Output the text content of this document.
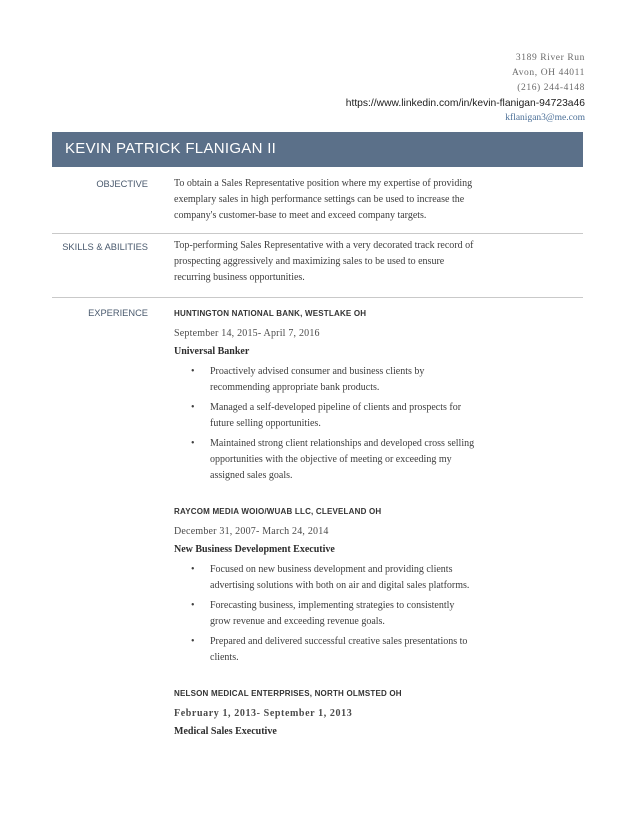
3189 River Run
Avon, OH 44011
(216) 244-4148
https://www.linkedin.com/in/kevin-flanigan-94723a46
kflanigan3@me.com
KEVIN PATRICK FLANIGAN II
OBJECTIVE	To obtain a Sales Representative position where my expertise of providing
exemplary sales in high performance settings can be used to increase the
company's customer-base to meet and exceed company targets.
SKILLS & ABILITIES	Top-performing Sales Representative with a very decorated track record of
prospecting aggressively and maximizing sales to be used to ensure
recurring business opportunities.
EXPERIENCE	HUNTINGTON NATIONAL BANK, WESTLAKE OH
September 14, 2015- April 7, 2016
Universal Banker
• Proactively advised consumer and business clients by
recommending appropriate bank products.
• Managed a self-developed pipeline of clients and prospects for
future selling opportunities.
• Maintained strong client relationships and developed cross selling
opportunities with the objective of meeting or exceeding my
assigned sales goals.
RAYCOM MEDIA WOIO/WUAB LLC, CLEVELAND OH
December 31, 2007- March 24, 2014
New Business Development Executive
• Focused on new business development and providing clients
advertising solutions with both on air and digital sales platforms.
• Forecasting business, implementing strategies to consistently
grow revenue and exceeding revenue goals.
• Prepared and delivered successful creative sales presentations to
clients.
NELSON MEDICAL ENTERPRISES, NORTH OLMSTED OH
February 1, 2013- September 1, 2013
Medical Sales Executive
